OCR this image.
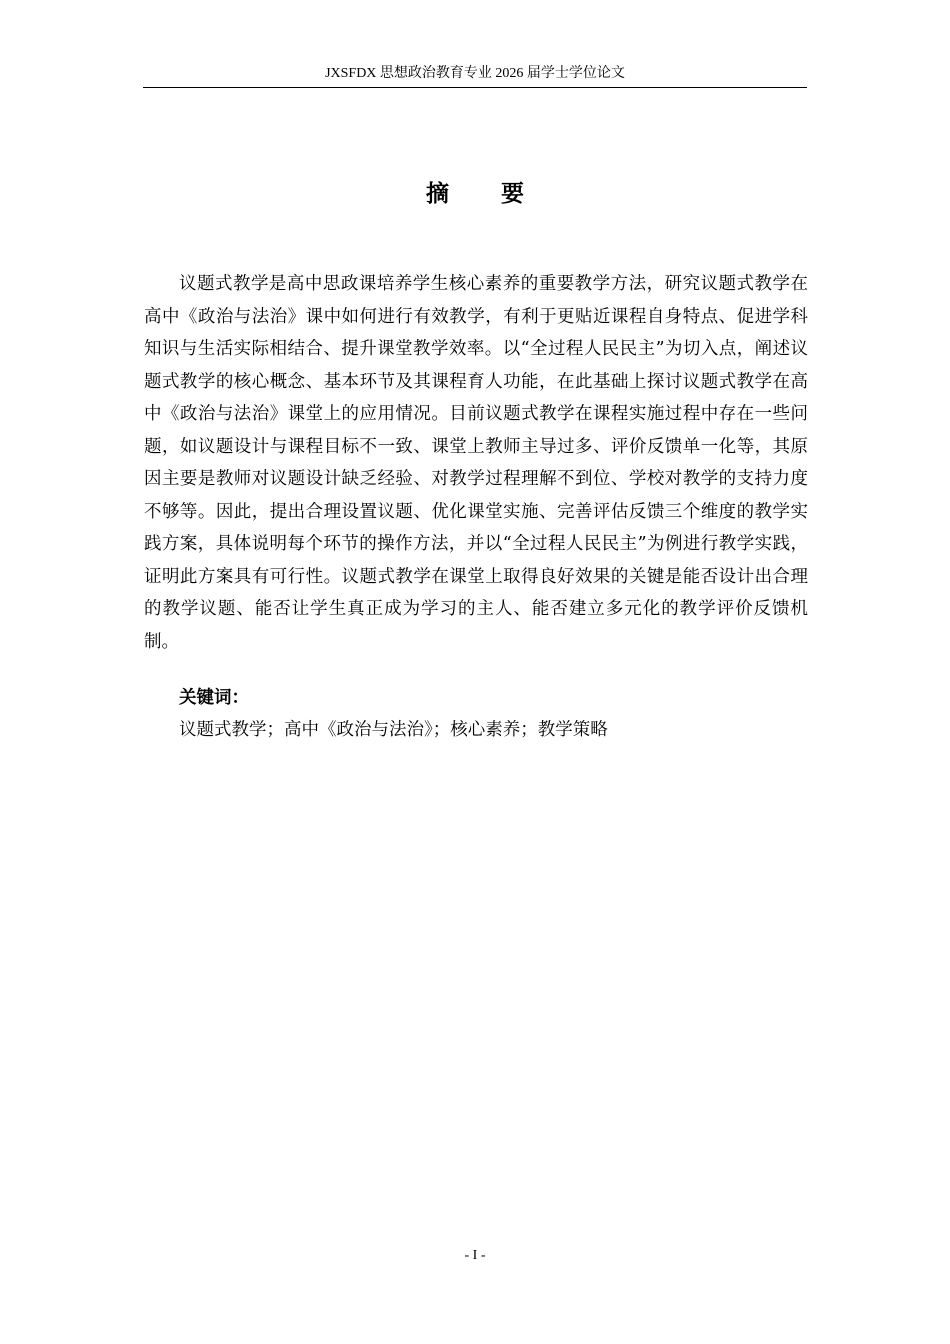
JXSFDX 思想政治教育专业 2026 届学士学位论文
摘 要

议题式教学是高中思政课培养学生核心素养的重要教学方法，研究议题式教学在高中《政治与法治》课中如何进行有效教学，有利于更贴近课程自身特点、促进学科知识与生活实际相结合、提升课堂教学效率。以“全过程人民民主”为切入点，阐述议题式教学的核心概念、基本环节及其课程育人功能，在此基础上探讨议题式教学在高中《政治与法治》课堂上的应用情况。目前议题式教学在课程实施过程中存在一些问题，如议题设计与课程目标不一致、课堂上教师主导过多、评价反馈单一化等，其原因主要是教师对议题设计缺乏经验、对教学过程理解不到位、学校对教学的支持力度不够等。因此，提出合理设置议题、优化课堂实施、完善评估反馈三个维度的教学实践方案，具体说明每个环节的操作方法，并以“全过程人民民主”为例进行教学实践，证明此方案具有可行性。议题式教学在课堂上取得良好效果的关键是能否设计出合理的教学议题、能否让学生真正成为学习的主人、能否建立多元化的教学评价反馈机制。

关键词：
议题式教学；高中《政治与法治》；核心素养；教学策略
- I -
